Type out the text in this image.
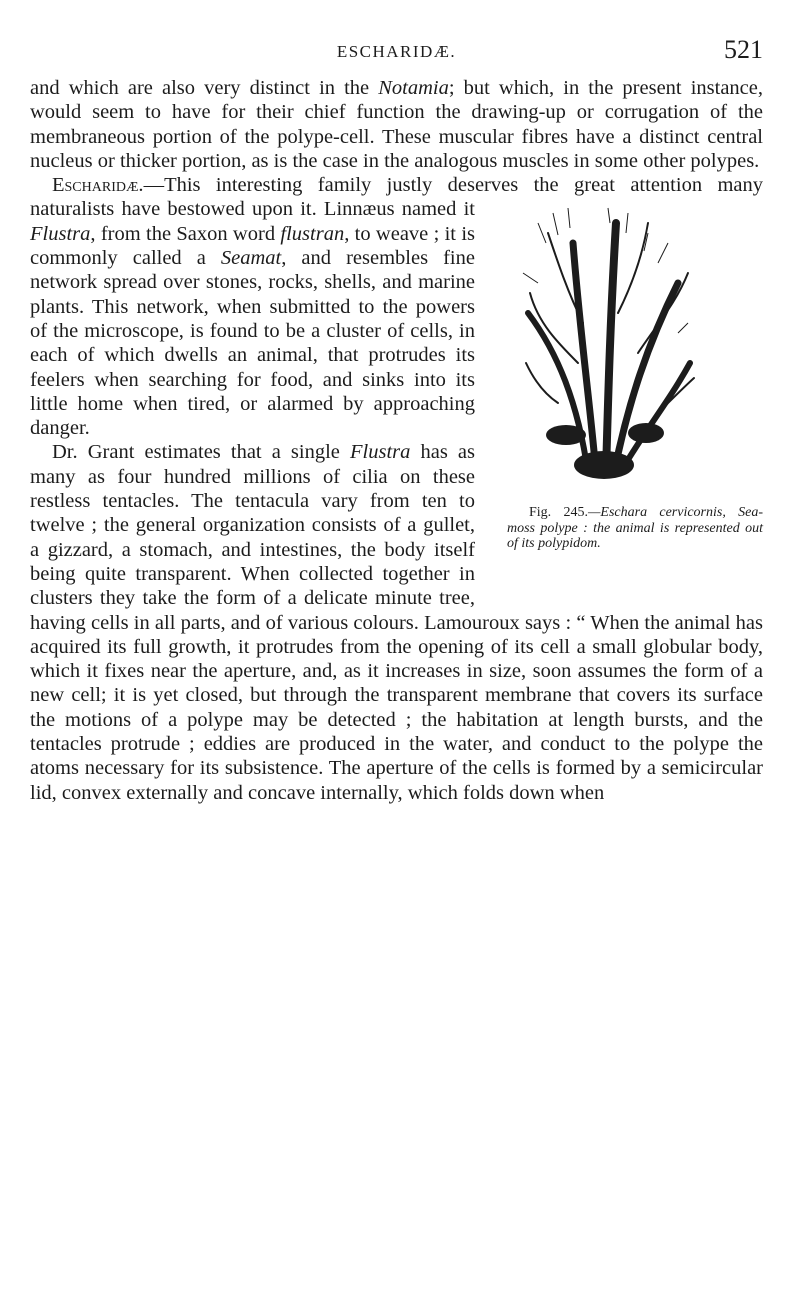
ESCHARIDÆ.	521

and which are also very distinct in the Notamia; but which, in the present instance, would seem to have for their chief function the drawing-up or corrugation of the membraneous portion of the polype-cell. These muscular fibres have a distinct central nucleus or thicker portion, as is the case in the analogous muscles in some other polypes.

Escharidæ.—This interesting family justly deserves the great attention many naturalists have bestowed upon it. Linnæus named it
Fig. 245.—Eschara cervicornis, Sea-moss polype : the animal is represented out of its polypidom.
Flustra, from the Saxon word flustran, to weave ; it is commonly called a Seamat, and resembles fine network spread over stones, rocks, shells, and marine plants. This network, when submitted to the powers of the microscope, is found to be a cluster of cells, in each of which dwells an animal, that protrudes its feelers when searching for food, and sinks into its little home when tired, or alarmed by approaching danger.

Dr. Grant estimates that a single Flustra has as many as four hundred millions of cilia on these restless tentacles. The tentacula vary from ten to twelve ; the general organization consists of a gullet, a gizzard, a stomach, and intestines, the body itself being quite transparent. When collected together in clusters they take the form of a delicate minute tree, having cells in all parts, and of various colours. Lamouroux says : “ When the animal has acquired its full growth, it protrudes from the opening of its cell a small globular body, which it fixes near the aperture, and, as it increases in size, soon assumes the form of a new cell; it is yet closed, but through the transparent membrane that covers its surface the motions of a polype may be detected ; the habitation at length bursts, and the tentacles protrude ; eddies are produced in the water, and conduct to the polype the atoms necessary for its subsistence. The aperture of the cells is formed by a semicircular lid, convex externally and concave internally, which folds down when
